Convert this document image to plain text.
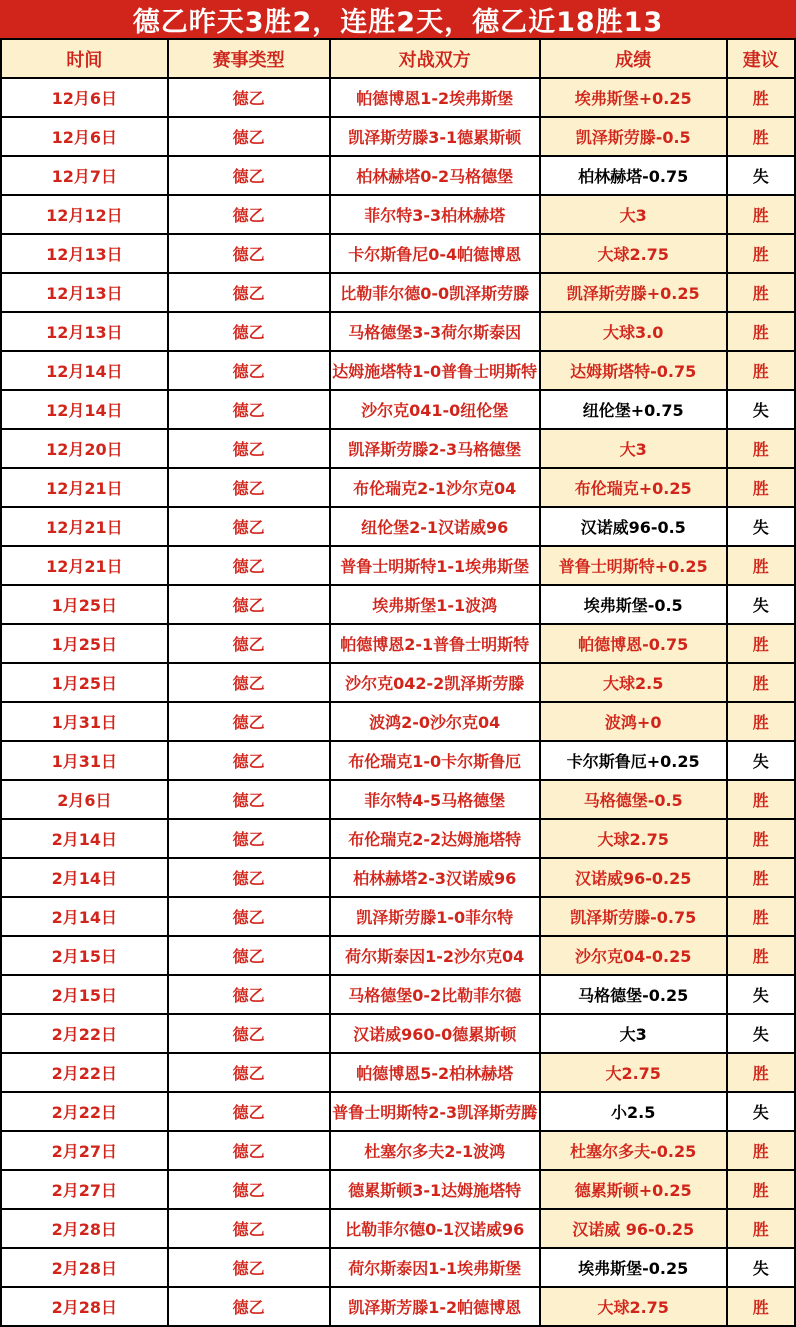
德乙昨天3胜2，连胜2天，德乙近18胜13
时间	赛事类型	对战双方	成绩	建议
12月6日	德乙	帕德博恩1-2埃弗斯堡	埃弗斯堡+0.25	胜
12月6日	德乙	凯泽斯劳滕3-1德累斯顿	凯泽斯劳滕-0.5	胜
12月7日	德乙	柏林赫塔0-2马格德堡	柏林赫塔-0.75	失
12月12日	德乙	菲尔特3-3柏林赫塔	大3	胜
12月13日	德乙	卡尔斯鲁尼0-4帕德博恩	大球2.75	胜
12月13日	德乙	比勒菲尔德0-0凯泽斯劳滕	凯泽斯劳滕+0.25	胜
12月13日	德乙	马格德堡3-3荷尔斯泰因	大球3.0	胜
12月14日	德乙	达姆施塔特1-0普鲁士明斯特	达姆斯塔特-0.75	胜
12月14日	德乙	沙尔克041-0纽伦堡	纽伦堡+0.75	失
12月20日	德乙	凯泽斯劳滕2-3马格德堡	大3	胜
12月21日	德乙	布伦瑞克2-1沙尔克04	布伦瑞克+0.25	胜
12月21日	德乙	纽伦堡2-1汉诺威96	汉诺威96-0.5	失
12月21日	德乙	普鲁士明斯特1-1埃弗斯堡	普鲁士明斯特+0.25	胜
1月25日	德乙	埃弗斯堡1-1波鸿	埃弗斯堡-0.5	失
1月25日	德乙	帕德博恩2-1普鲁士明斯特	帕德博恩-0.75	胜
1月25日	德乙	沙尔克042-2凯泽斯劳滕	大球2.5	胜
1月31日	德乙	波鸿2-0沙尔克04	波鸿+0	胜
1月31日	德乙	布伦瑞克1-0卡尔斯鲁厄	卡尔斯鲁厄+0.25	失
2月6日	德乙	菲尔特4-5马格德堡	马格德堡-0.5	胜
2月14日	德乙	布伦瑞克2-2达姆施塔特	大球2.75	胜
2月14日	德乙	柏林赫塔2-3汉诺威96	汉诺威96-0.25	胜
2月14日	德乙	凯泽斯劳滕1-0菲尔特	凯泽斯劳滕-0.75	胜
2月15日	德乙	荷尔斯泰因1-2沙尔克04	沙尔克04-0.25	胜
2月15日	德乙	马格德堡0-2比勒菲尔德	马格德堡-0.25	失
2月22日	德乙	汉诺威960-0德累斯顿	大3	失
2月22日	德乙	帕德博恩5-2柏林赫塔	大2.75	胜
2月22日	德乙	普鲁士明斯特2-3凯泽斯劳腾	小2.5	失
2月27日	德乙	杜塞尔多夫2-1波鸿	杜塞尔多夫-0.25	胜
2月27日	德乙	德累斯顿3-1达姆施塔特	德累斯顿+0.25	胜
2月28日	德乙	比勒菲尔德0-1汉诺威96	汉诺威 96-0.25	胜
2月28日	德乙	荷尔斯泰因1-1埃弗斯堡	埃弗斯堡-0.25	失
2月28日	德乙	凯泽斯芳滕1-2帕德博恩	大球2.75	胜
